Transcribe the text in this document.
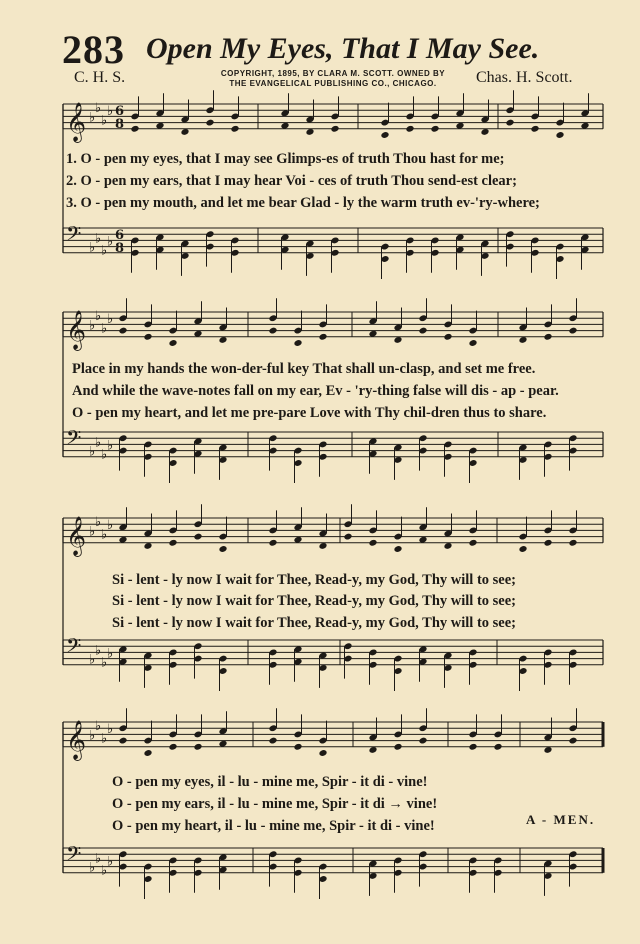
283 Open My Eyes, That I May See.
C. H. S.	COPYRIGHT, 1895, BY CLARA M. SCOTT. OWNED BY
THE EVANGELICAL PUBLISHING CO., CHICAGO.	Chas. H. Scott.
𝄞 ♭
♭
♭
♭ 6
8
𝄢 ♭
♭
♭
♭ 6
8
𝄞 ♭
♭
♭
♭
𝄢 ♭
♭
♭
♭
𝄞 ♭
♭
♭
♭
𝄢 ♭
♭
♭
♭
𝄞 ♭
♭
♭
♭
𝄢 ♭
♭
♭
♭
1. O - pen my eyes, that I may see Glimps-es of truth Thou hast for me;
2. O - pen my ears, that I may hear Voi - ces of truth Thou send-est clear;
3. O - pen my mouth, and let me bear Glad - ly the warm truth ev-'ry-where;
Place in my hands the won-der-ful key That shall un-clasp, and set me free.
And while the wave-notes fall on my ear, Ev - 'ry-thing false will dis - ap - pear.
O - pen my heart, and let me pre-pare Love with Thy chil-dren thus to share.
Si - lent - ly now I wait for Thee, Read-y, my God, Thy will to see;
Si - lent - ly now I wait for Thee, Read-y, my God, Thy will to see;
Si - lent - ly now I wait for Thee, Read-y, my God, Thy will to see;
O - pen my eyes, il - lu - mine me, Spir - it di - vine!
O - pen my ears, il - lu - mine me, Spir - it di → vine!
O - pen my heart, il - lu - mine me, Spir - it di - vine!	A - MEN.
